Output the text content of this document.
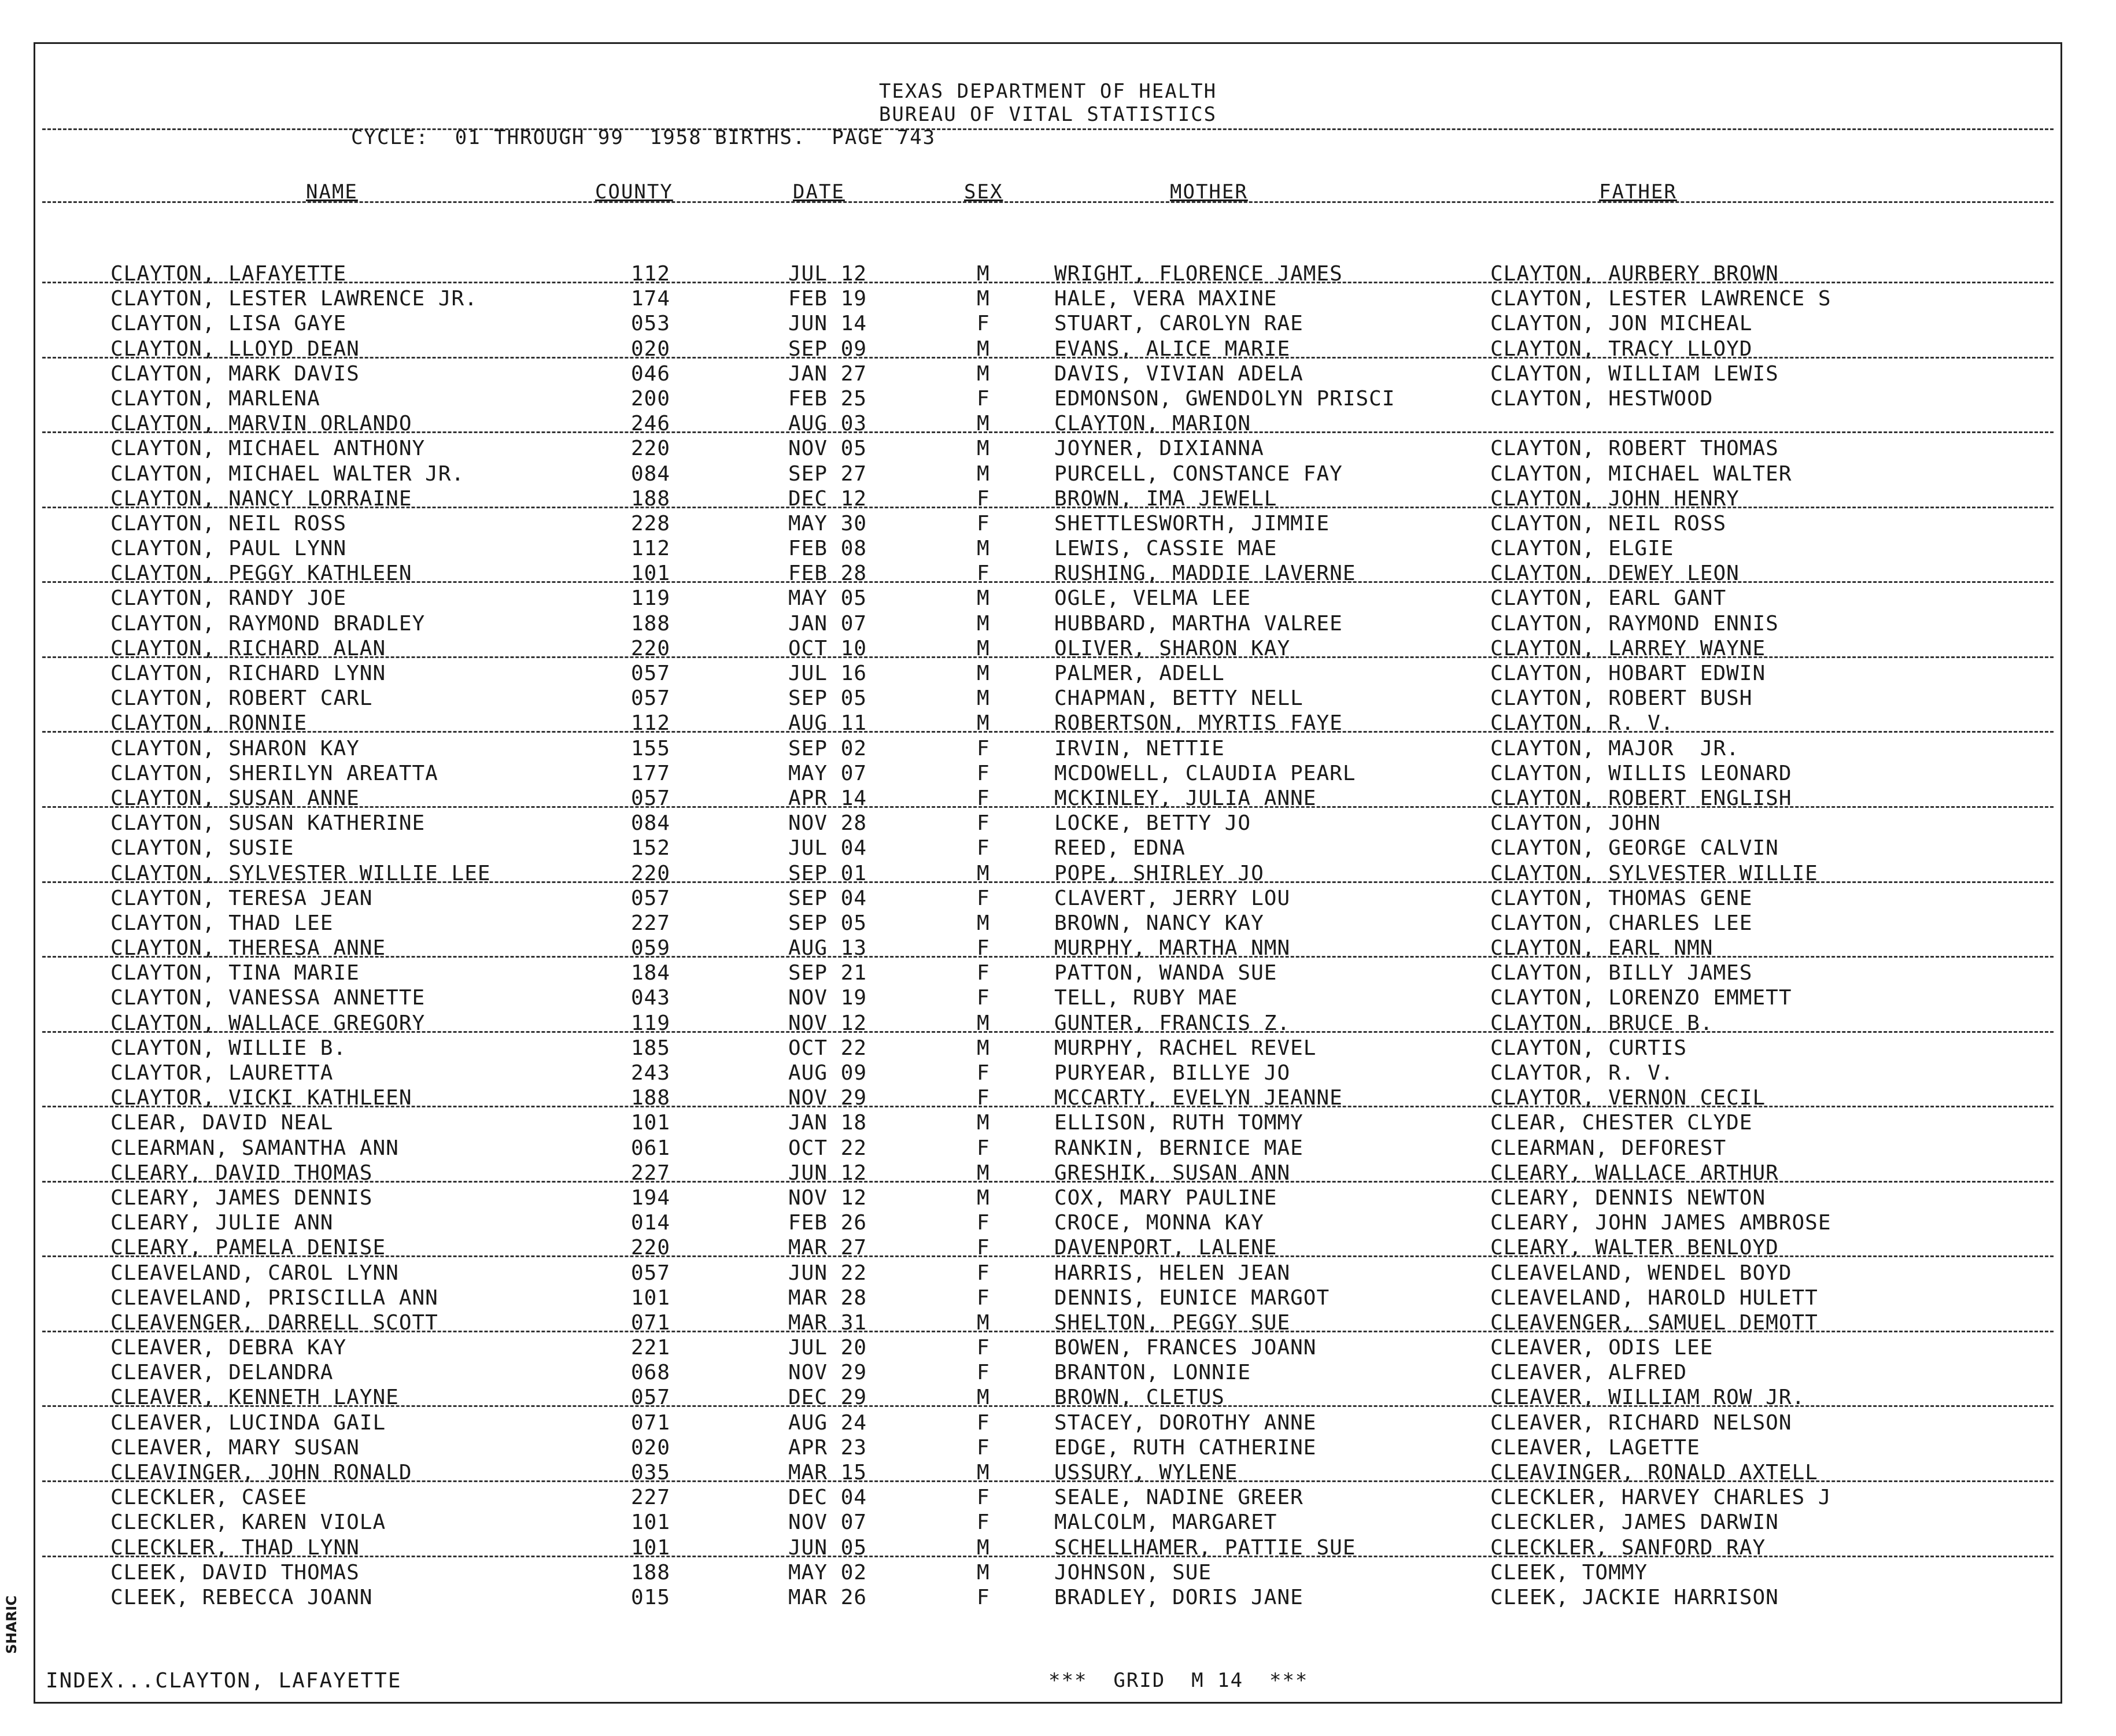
SHARIC
TEXAS DEPARTMENT OF HEALTH
BUREAU OF VITAL STATISTICS
CYCLE:  01 THROUGH 99  1958 BIRTHS.  PAGE 743
NAME	COUNTY	DATE	SEX	MOTHER	FATHER
CLAYTON, LAFAYETTE	112	JUL 12	M	WRIGHT, FLORENCE JAMES	CLAYTON, AURBERY BROWN
CLAYTON, LESTER LAWRENCE JR.	174	FEB 19	M	HALE, VERA MAXINE	CLAYTON, LESTER LAWRENCE S
CLAYTON, LISA GAYE	053	JUN 14	F	STUART, CAROLYN RAE	CLAYTON, JON MICHEAL
CLAYTON, LLOYD DEAN	020	SEP 09	M	EVANS, ALICE MARIE	CLAYTON, TRACY LLOYD
CLAYTON, MARK DAVIS	046	JAN 27	M	DAVIS, VIVIAN ADELA	CLAYTON, WILLIAM LEWIS
CLAYTON, MARLENA	200	FEB 25	F	EDMONSON, GWENDOLYN PRISCI	CLAYTON, HESTWOOD
CLAYTON, MARVIN ORLANDO	246	AUG 03	M	CLAYTON, MARION
CLAYTON, MICHAEL ANTHONY	220	NOV 05	M	JOYNER, DIXIANNA	CLAYTON, ROBERT THOMAS
CLAYTON, MICHAEL WALTER JR.	084	SEP 27	M	PURCELL, CONSTANCE FAY	CLAYTON, MICHAEL WALTER
CLAYTON, NANCY LORRAINE	188	DEC 12	F	BROWN, IMA JEWELL	CLAYTON, JOHN HENRY
CLAYTON, NEIL ROSS	228	MAY 30	F	SHETTLESWORTH, JIMMIE	CLAYTON, NEIL ROSS
CLAYTON, PAUL LYNN	112	FEB 08	M	LEWIS, CASSIE MAE	CLAYTON, ELGIE
CLAYTON, PEGGY KATHLEEN	101	FEB 28	F	RUSHING, MADDIE LAVERNE	CLAYTON, DEWEY LEON
CLAYTON, RANDY JOE	119	MAY 05	M	OGLE, VELMA LEE	CLAYTON, EARL GANT
CLAYTON, RAYMOND BRADLEY	188	JAN 07	M	HUBBARD, MARTHA VALREE	CLAYTON, RAYMOND ENNIS
CLAYTON, RICHARD ALAN	220	OCT 10	M	OLIVER, SHARON KAY	CLAYTON, LARREY WAYNE
CLAYTON, RICHARD LYNN	057	JUL 16	M	PALMER, ADELL	CLAYTON, HOBART EDWIN
CLAYTON, ROBERT CARL	057	SEP 05	M	CHAPMAN, BETTY NELL	CLAYTON, ROBERT BUSH
CLAYTON, RONNIE	112	AUG 11	M	ROBERTSON, MYRTIS FAYE	CLAYTON, R. V.
CLAYTON, SHARON KAY	155	SEP 02	F	IRVIN, NETTIE	CLAYTON, MAJOR  JR.
CLAYTON, SHERILYN AREATTA	177	MAY 07	F	MCDOWELL, CLAUDIA PEARL	CLAYTON, WILLIS LEONARD
CLAYTON, SUSAN ANNE	057	APR 14	F	MCKINLEY, JULIA ANNE	CLAYTON, ROBERT ENGLISH
CLAYTON, SUSAN KATHERINE	084	NOV 28	F	LOCKE, BETTY JO	CLAYTON, JOHN
CLAYTON, SUSIE	152	JUL 04	F	REED, EDNA	CLAYTON, GEORGE CALVIN
CLAYTON, SYLVESTER WILLIE LEE	220	SEP 01	M	POPE, SHIRLEY JO	CLAYTON, SYLVESTER WILLIE
CLAYTON, TERESA JEAN	057	SEP 04	F	CLAVERT, JERRY LOU	CLAYTON, THOMAS GENE
CLAYTON, THAD LEE	227	SEP 05	M	BROWN, NANCY KAY	CLAYTON, CHARLES LEE
CLAYTON, THERESA ANNE	059	AUG 13	F	MURPHY, MARTHA NMN	CLAYTON, EARL NMN
CLAYTON, TINA MARIE	184	SEP 21	F	PATTON, WANDA SUE	CLAYTON, BILLY JAMES
CLAYTON, VANESSA ANNETTE	043	NOV 19	F	TELL, RUBY MAE	CLAYTON, LORENZO EMMETT
CLAYTON, WALLACE GREGORY	119	NOV 12	M	GUNTER, FRANCIS Z.	CLAYTON, BRUCE B.
CLAYTON, WILLIE B.	185	OCT 22	M	MURPHY, RACHEL REVEL	CLAYTON, CURTIS
CLAYTOR, LAURETTA	243	AUG 09	F	PURYEAR, BILLYE JO	CLAYTOR, R. V.
CLAYTOR, VICKI KATHLEEN	188	NOV 29	F	MCCARTY, EVELYN JEANNE	CLAYTOR, VERNON CECIL
CLEAR, DAVID NEAL	101	JAN 18	M	ELLISON, RUTH TOMMY	CLEAR, CHESTER CLYDE
CLEARMAN, SAMANTHA ANN	061	OCT 22	F	RANKIN, BERNICE MAE	CLEARMAN, DEFOREST
CLEARY, DAVID THOMAS	227	JUN 12	M	GRESHIK, SUSAN ANN	CLEARY, WALLACE ARTHUR
CLEARY, JAMES DENNIS	194	NOV 12	M	COX, MARY PAULINE	CLEARY, DENNIS NEWTON
CLEARY, JULIE ANN	014	FEB 26	F	CROCE, MONNA KAY	CLEARY, JOHN JAMES AMBROSE
CLEARY, PAMELA DENISE	220	MAR 27	F	DAVENPORT, LALENE	CLEARY, WALTER BENLOYD
CLEAVELAND, CAROL LYNN	057	JUN 22	F	HARRIS, HELEN JEAN	CLEAVELAND, WENDEL BOYD
CLEAVELAND, PRISCILLA ANN	101	MAR 28	F	DENNIS, EUNICE MARGOT	CLEAVELAND, HAROLD HULETT
CLEAVENGER, DARRELL SCOTT	071	MAR 31	M	SHELTON, PEGGY SUE	CLEAVENGER, SAMUEL DEMOTT
CLEAVER, DEBRA KAY	221	JUL 20	F	BOWEN, FRANCES JOANN	CLEAVER, ODIS LEE
CLEAVER, DELANDRA	068	NOV 29	F	BRANTON, LONNIE	CLEAVER, ALFRED
CLEAVER, KENNETH LAYNE	057	DEC 29	M	BROWN, CLETUS	CLEAVER, WILLIAM ROW JR.
CLEAVER, LUCINDA GAIL	071	AUG 24	F	STACEY, DOROTHY ANNE	CLEAVER, RICHARD NELSON
CLEAVER, MARY SUSAN	020	APR 23	F	EDGE, RUTH CATHERINE	CLEAVER, LAGETTE
CLEAVINGER, JOHN RONALD	035	MAR 15	M	USSURY, WYLENE	CLEAVINGER, RONALD AXTELL
CLECKLER, CASEE	227	DEC 04	F	SEALE, NADINE GREER	CLECKLER, HARVEY CHARLES J
CLECKLER, KAREN VIOLA	101	NOV 07	F	MALCOLM, MARGARET	CLECKLER, JAMES DARWIN
CLECKLER, THAD LYNN	101	JUN 05	M	SCHELLHAMER, PATTIE SUE	CLECKLER, SANFORD RAY
CLEEK, DAVID THOMAS	188	MAY 02	M	JOHNSON, SUE	CLEEK, TOMMY
CLEEK, REBECCA JOANN	015	MAR 26	F	BRADLEY, DORIS JANE	CLEEK, JACKIE HARRISON
INDEX...CLAYTON, LAFAYETTE	***  GRID  M 14  ***
